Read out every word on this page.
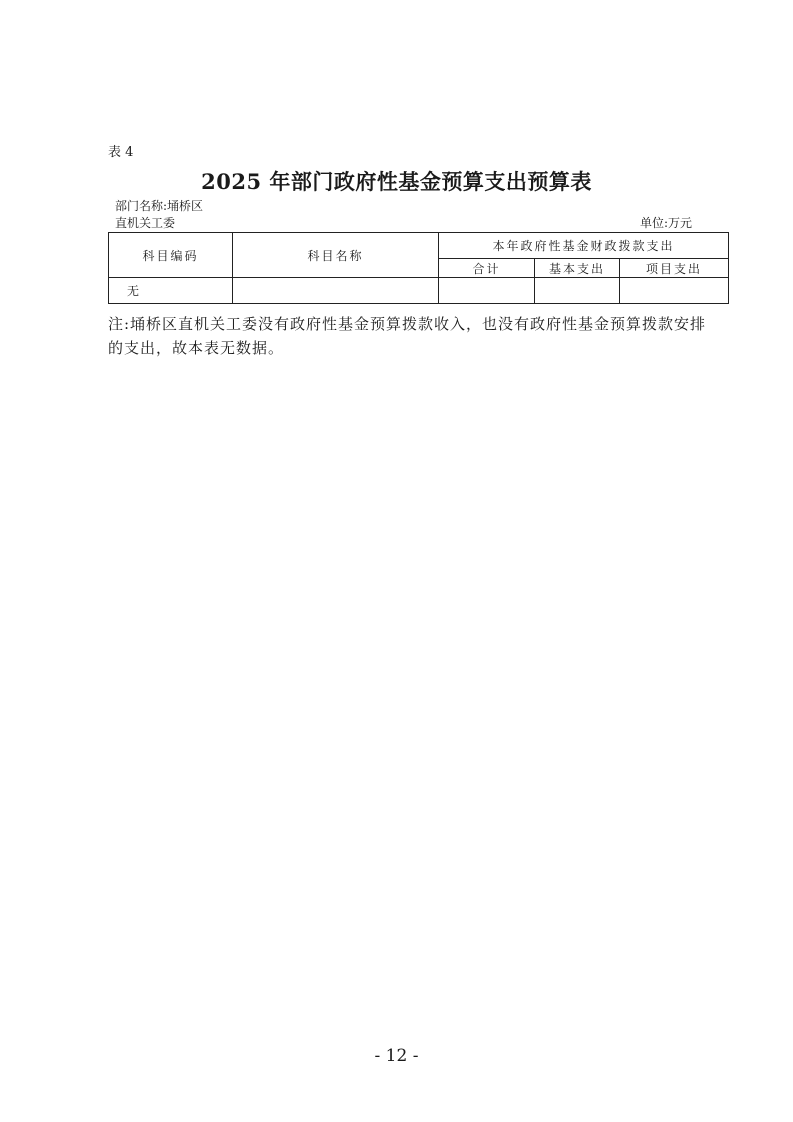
表 4
2025 年部门政府性基金预算支出预算表
部门名称:埇桥区
直机关工委	单位:万元
科目编码	科目名称	本年政府性基金财政拨款支出		
		合计	基本支出	项目支出
无				
注:埇桥区直机关工委没有政府性基金预算拨款收入，也没有政府性基金预算拨款安排的支出，故本表无数据。
- 12 -
